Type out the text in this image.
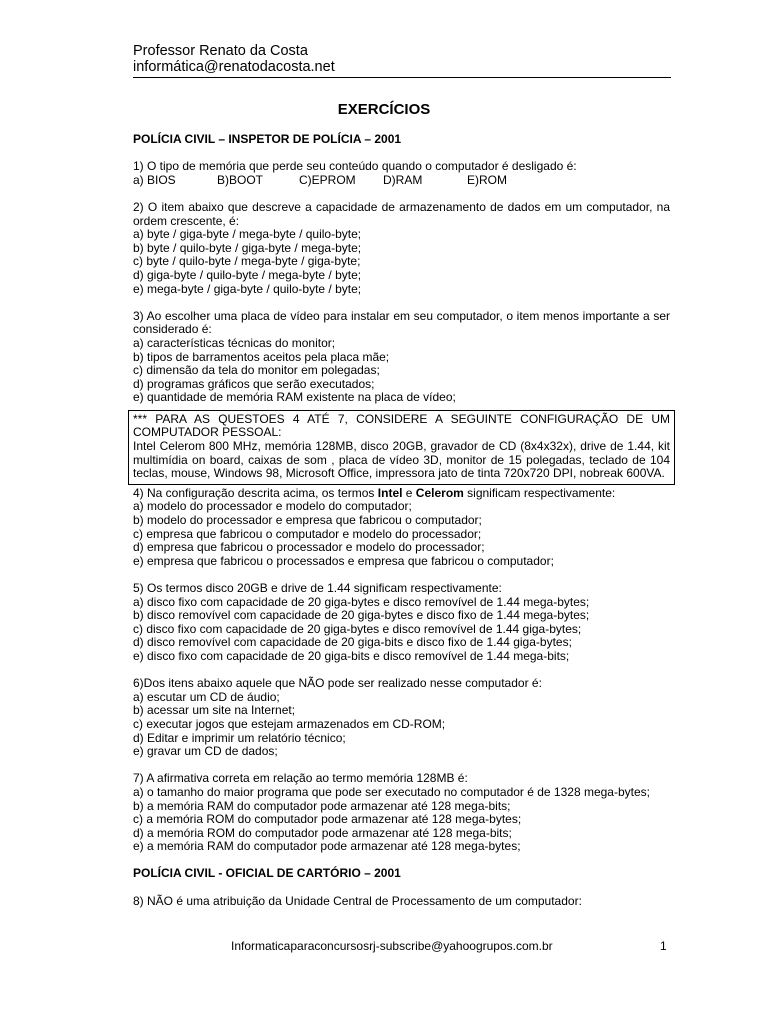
Professor Renato da Costa
informática@renatodacosta.net
EXERCÍCIOS
POLÍCIA CIVIL – INSPETOR DE POLÍCIA – 2001

1) O tipo de memória que perde seu conteúdo quando o computador é desligado é:

a) BIOS	B)BOOT	C)EPROM D)RAM	E)ROM

2) O item abaixo que descreve a capacidade de armazenamento de dados em um computador, na ordem crescente, é:

a) byte / giga-byte / mega-byte / quilo-byte;

b) byte / quilo-byte / giga-byte / mega-byte;

c) byte / quilo-byte / mega-byte / giga-byte;

d) giga-byte / quilo-byte / mega-byte / byte;

e) mega-byte / giga-byte / quilo-byte / byte;

3) Ao escolher uma placa de vídeo para instalar em seu computador, o item menos importante a ser considerado é:

a) características técnicas do monitor;

b) tipos de barramentos aceitos pela placa mãe;

c) dimensão da tela do monitor em polegadas;

d) programas gráficos que serão executados;

e) quantidade de memória RAM existente na placa de vídeo;

*** PARA AS QUESTOES 4 ATÉ 7, CONSIDERE A SEGUINTE CONFIGURAÇÃO DE UM COMPUTADOR PESSOAL:

Intel Celerom 800 MHz, memória 128MB, disco 20GB, gravador de CD (8x4x32x), drive de 1.44, kit multimídia on board, caixas de som , placa de vídeo 3D, monitor de 15 polegadas, teclado de 104 teclas, mouse, Windows 98, Microsoft Office, impressora jato de tinta 720x720 DPI, nobreak 600VA.

4) Na configuração descrita acima, os termos Intel e Celerom significam respectivamente:

a) modelo do processador e modelo do computador;

b) modelo do processador e empresa que fabricou o computador;

c) empresa que fabricou o computador e modelo do processador;

d) empresa que fabricou o processador e modelo do processador;

e) empresa que fabricou o processados e empresa que fabricou o computador;

5) Os termos disco 20GB e drive de 1.44 significam respectivamente:

a) disco fixo com capacidade de 20 giga-bytes e disco removível de 1.44 mega-bytes;

b) disco removível com capacidade de 20 giga-bytes e disco fixo de 1.44 mega-bytes;

c) disco fixo com capacidade de 20 giga-bytes e disco removível de 1.44 giga-bytes;

d) disco removível com capacidade de 20 giga-bits e disco fixo de 1.44 giga-bytes;

e) disco fixo com capacidade de 20 giga-bits e disco removível de 1.44 mega-bits;

6)Dos itens abaixo aquele que NÃO pode ser realizado nesse computador é:

a) escutar um CD de áudio;

b) acessar um site na Internet;

c) executar jogos que estejam armazenados em CD-ROM;

d) Editar e imprimir um relatório técnico;

e) gravar um CD de dados;

7) A afirmativa correta em relação ao termo memória 128MB é:

a) o tamanho do maior programa que pode ser executado no computador é de 1328 mega-bytes;

b) a memória RAM do computador pode armazenar até 128 mega-bits;

c) a memória ROM do computador pode armazenar até 128 mega-bytes;

d) a memória ROM do computador pode armazenar até 128 mega-bits;

e) a memória RAM do computador pode armazenar até 128 mega-bytes;

POLÍCIA CIVIL - OFICIAL DE CARTÓRIO – 2001

8) NÃO é uma atribuição da Unidade Central de Processamento de um computador:

Informaticaparaconcursosrj-subscribe@yahoogrupos.com.br	1
